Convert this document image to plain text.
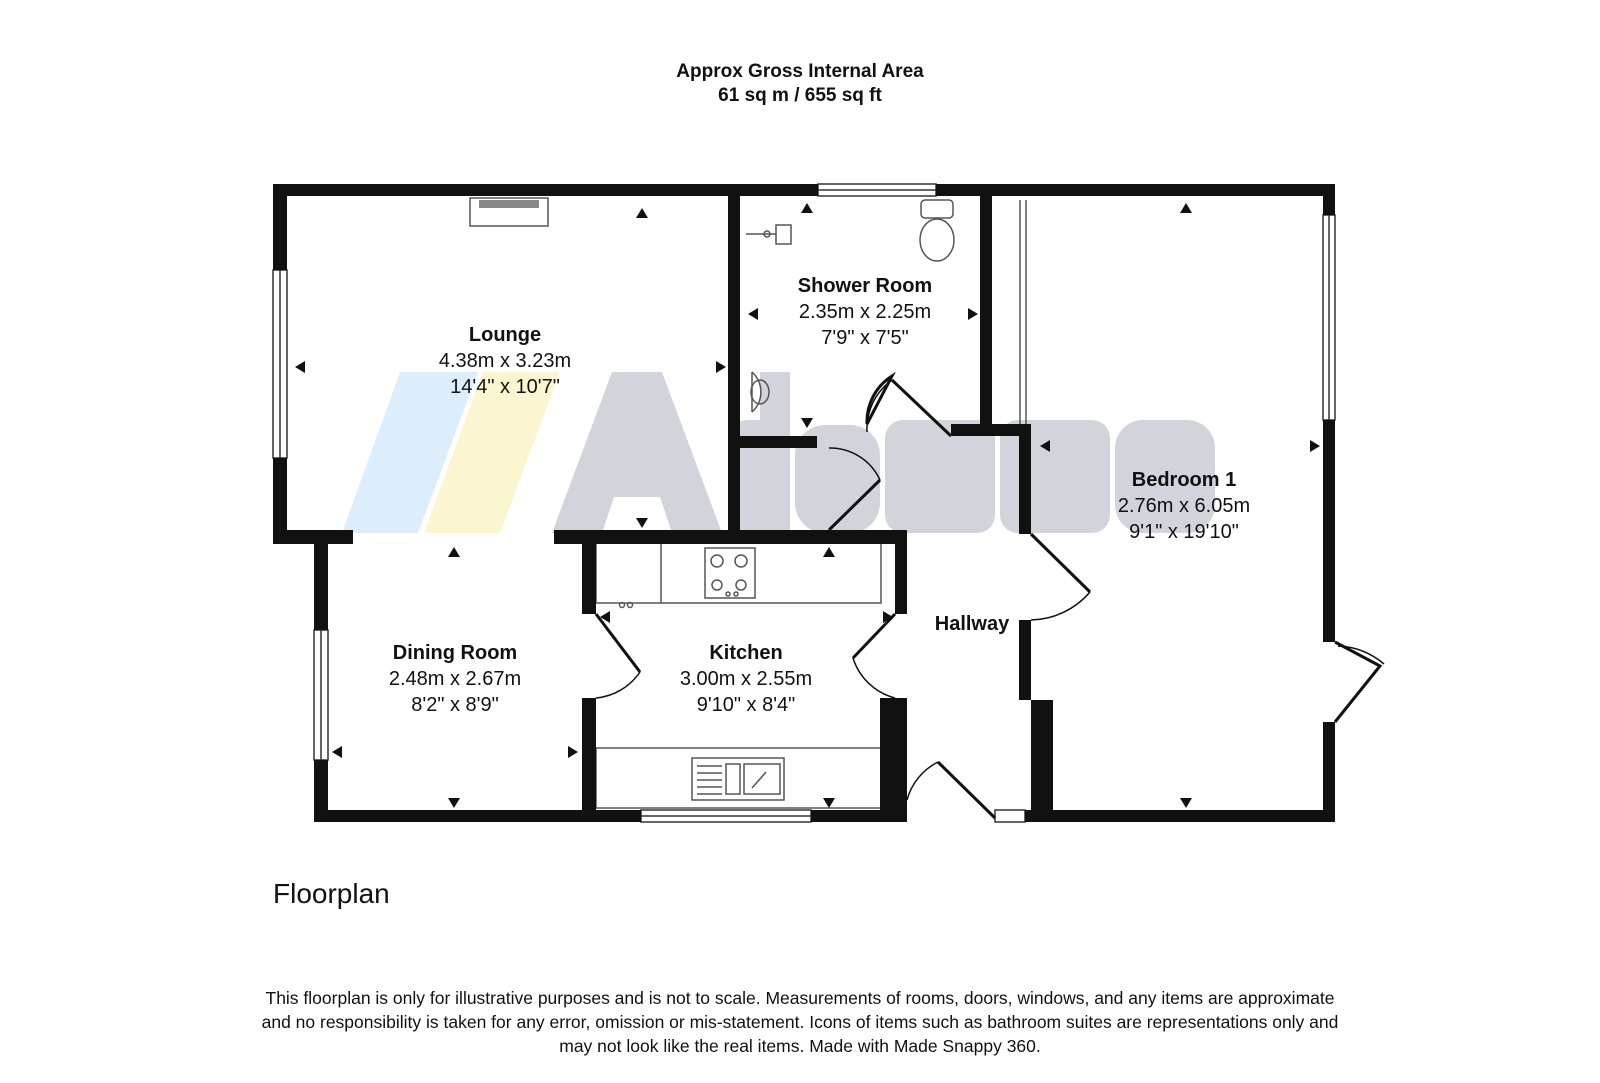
Approx Gross Internal Area
61 sq m / 655 sq ft
Lounge
4.38m x 3.23m
14'4" x 10'7"
Shower Room
2.35m x 2.25m
7'9" x 7'5"
Bedroom 1
2.76m x 6.05m
9'1" x 19'10"
Dining Room
2.48m x 2.67m
8'2" x 8'9"
Kitchen
3.00m x 2.55m
9'10" x 8'4"
Hallway
Floorplan
This floorplan is only for illustrative purposes and is not to scale. Measurements of rooms, doors, windows, and any items are approximate
and no responsibility is taken for any error, omission or mis-statement. Icons of items such as bathroom suites are representations only and
may not look like the real items. Made with Made Snappy 360.
